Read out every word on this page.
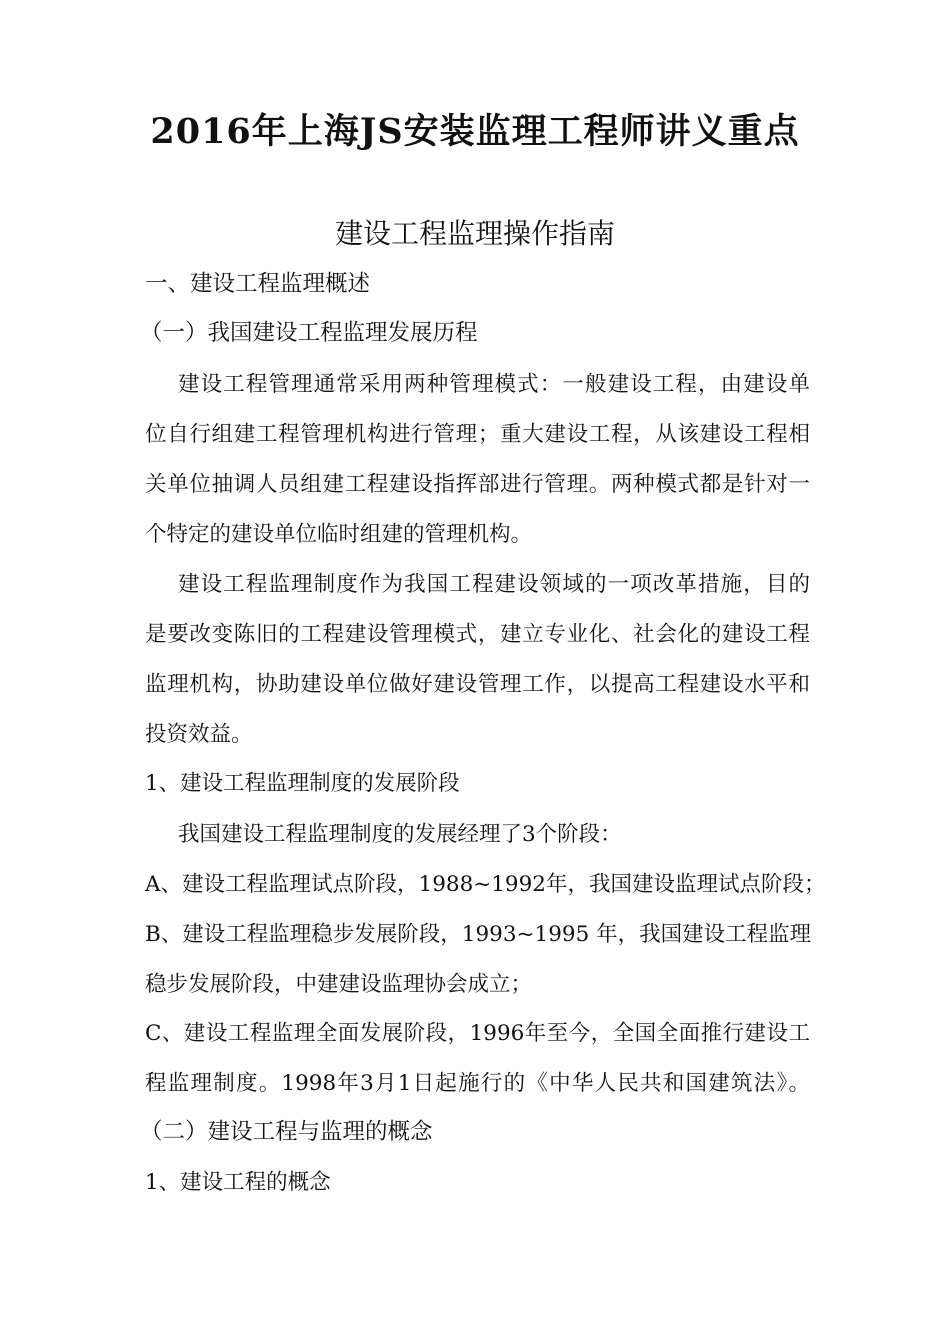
2016年上海JS安装监理工程师讲义重点
建设工程监理操作指南
一、建设工程监理概述
（一）我国建设工程监理发展历程
建设工程管理通常采用两种管理模式：一般建设工程，由建设单
位自行组建工程管理机构进行管理；重大建设工程，从该建设工程相
关单位抽调人员组建工程建设指挥部进行管理。两种模式都是针对一
个特定的建设单位临时组建的管理机构。
建设工程监理制度作为我国工程建设领域的一项改革措施，目的
是要改变陈旧的工程建设管理模式，建立专业化、社会化的建设工程
监理机构，协助建设单位做好建设管理工作，以提高工程建设水平和
投资效益。
1、建设工程监理制度的发展阶段
我国建设工程监理制度的发展经理了3个阶段：
A、建设工程监理试点阶段，1988~1992年，我国建设监理试点阶段；
B、建设工程监理稳步发展阶段，1993~1995 年，我国建设工程监理
稳步发展阶段，中建建设监理协会成立；
C、建设工程监理全面发展阶段，1996年至今，全国全面推行建设工
程监理制度。1998年3月1日起施行的《中华人民共和国建筑法》。
（二）建设工程与监理的概念
1、建设工程的概念
